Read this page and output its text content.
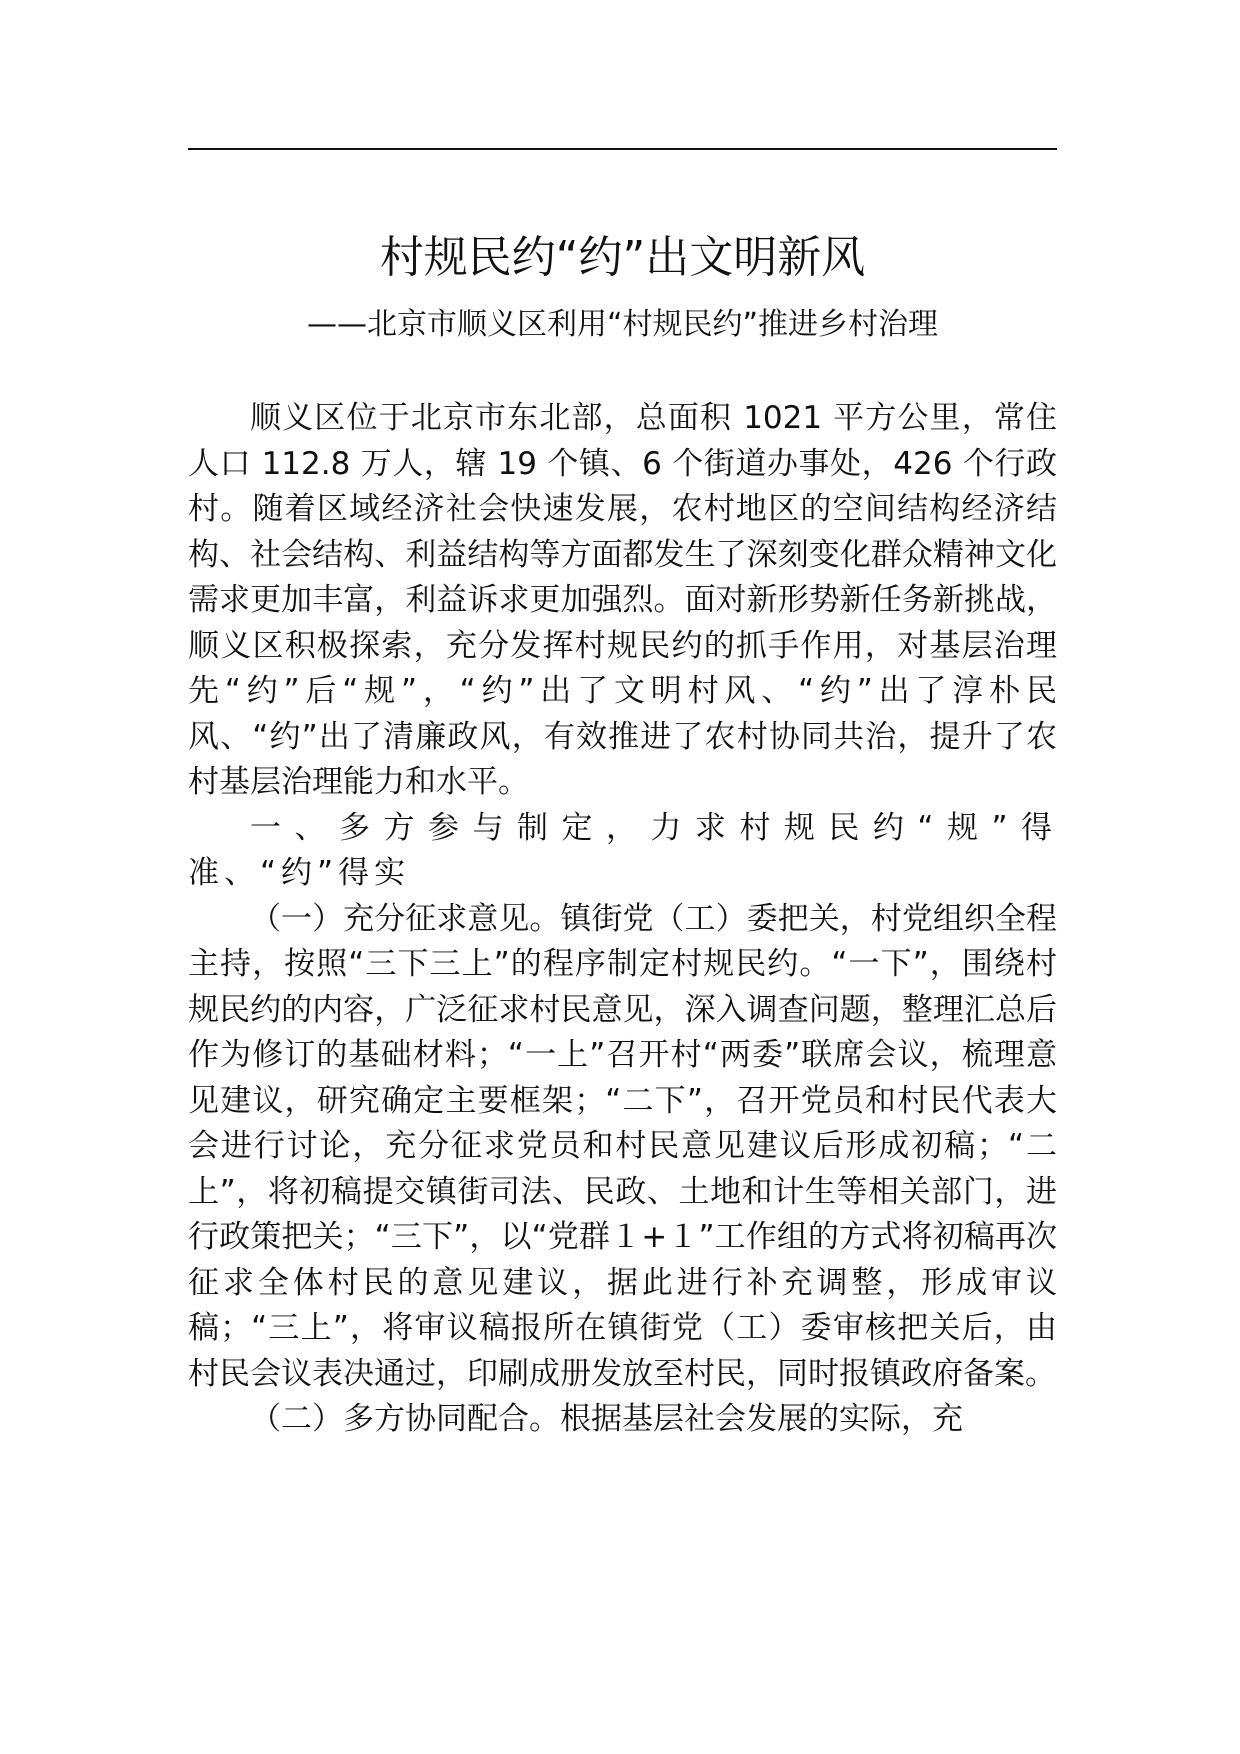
村规民约“约”出文明新风
——北京市顺义区利用“村规民约”推进乡村治理

顺义区位于北京市东北部，总面积 1021 平方公里，常住人口 112.8 万人，辖 19 个镇、6 个街道办事处，426 个行政村。随着区域经济社会快速发展，农村地区的空间结构经济结构、社会结构、利益结构等方面都发生了深刻变化群众精神文化需求更加丰富，利益诉求更加强烈。面对新形势新任务新挑战，顺义区积极探索，充分发挥村规民约的抓手作用，对基层治理先“约”后“规”，“约”出了文明村风、“约”出了淳朴民风、“约”出了清廉政风，有效推进了农村协同共治，提升了农村基层治理能力和水平。

一、多方参与制定，力求村规民约“规”得准、“约”得实

（一）充分征求意见。镇街党（工）委把关，村党组织全程主持，按照“三下三上”的程序制定村规民约。“一下”，围绕村规民约的内容，广泛征求村民意见，深入调查问题，整理汇总后作为修订的基础材料；“一上”召开村“两委”联席会议，梳理意见建议，研究确定主要框架；“二下”，召开党员和村民代表大会进行讨论，充分征求党员和村民意见建议后形成初稿；“二上”，将初稿提交镇街司法、民政、土地和计生等相关部门，进行政策把关；“三下”，以“党群１+１”工作组的方式将初稿再次征求全体村民的意见建议，据此进行补充调整，形成审议稿；“三上”，将审议稿报所在镇街党（工）委审核把关后，由村民会议表决通过，印刷成册发放至村民，同时报镇政府备案。

（二）多方协同配合。根据基层社会发展的实际，充
